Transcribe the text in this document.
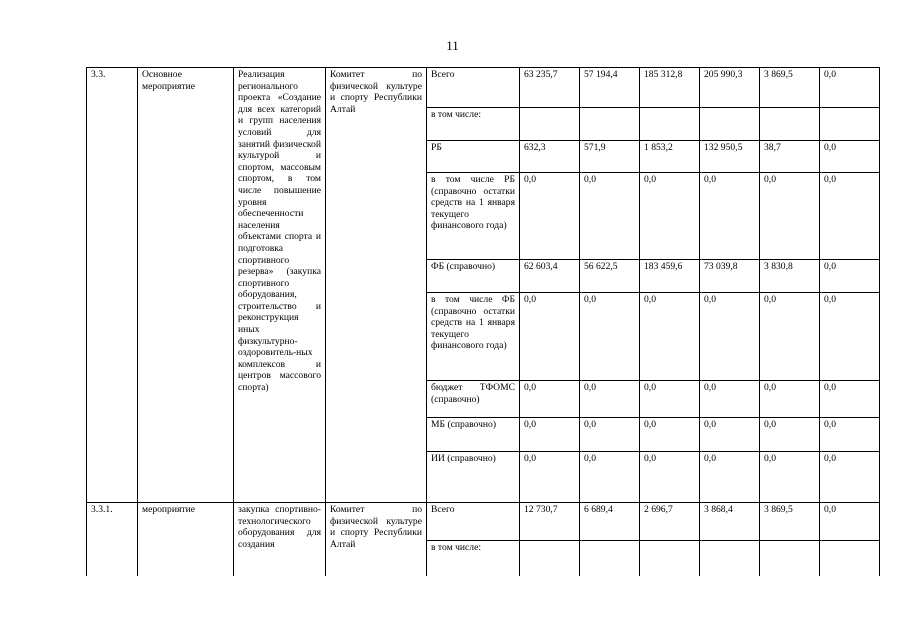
11
3.3.	Основное мероприятие	Реализация регионального проекта «Создание для всех категорий и групп населения условий для занятий физической культурой и спортом, массовым спортом, в том числе повышение уровня обеспеченности населения объектами спорта и подготовка спортивного резерва» (закупка спортивного оборудования, строительство и реконструкция иных физкультурно-оздоровитель-ных комплексов и центров массового спорта)	Комитет по физической культуре и спорту Республики Алтай	Всего	63 235,7	57 194,4	185 312,8	205 990,3	3 869,5	0,0
				в том числе:						
				РБ	632,3	571,9	1 853,2	132 950,5	38,7	0,0
				в том числе РБ (справочно остатки средств на 1 января текущего финансового года)	0,0	0,0	0,0	0,0	0,0	0,0
				ФБ (справочно)	62 603,4	56 622,5	183 459,6	73 039,8	3 830,8	0,0
				в том числе ФБ (справочно остатки средств на 1 января текущего финансового года)	0,0	0,0	0,0	0,0	0,0	0,0
				бюджет ТФОМС (справочно)	0,0	0,0	0,0	0,0	0,0	0,0
				МБ (справочно)	0,0	0,0	0,0	0,0	0,0	0,0
				ИИ (справочно)	0,0	0,0	0,0	0,0	0,0	0,0
3.3.1.	мероприятие	закупка спортивно-технологического оборудования для создания	Комитет по физической культуре и спорту Республики Алтай	Всего	12 730,7	6 689,4	2 696,7	3 868,4	3 869,5	0,0
				в том числе:						
